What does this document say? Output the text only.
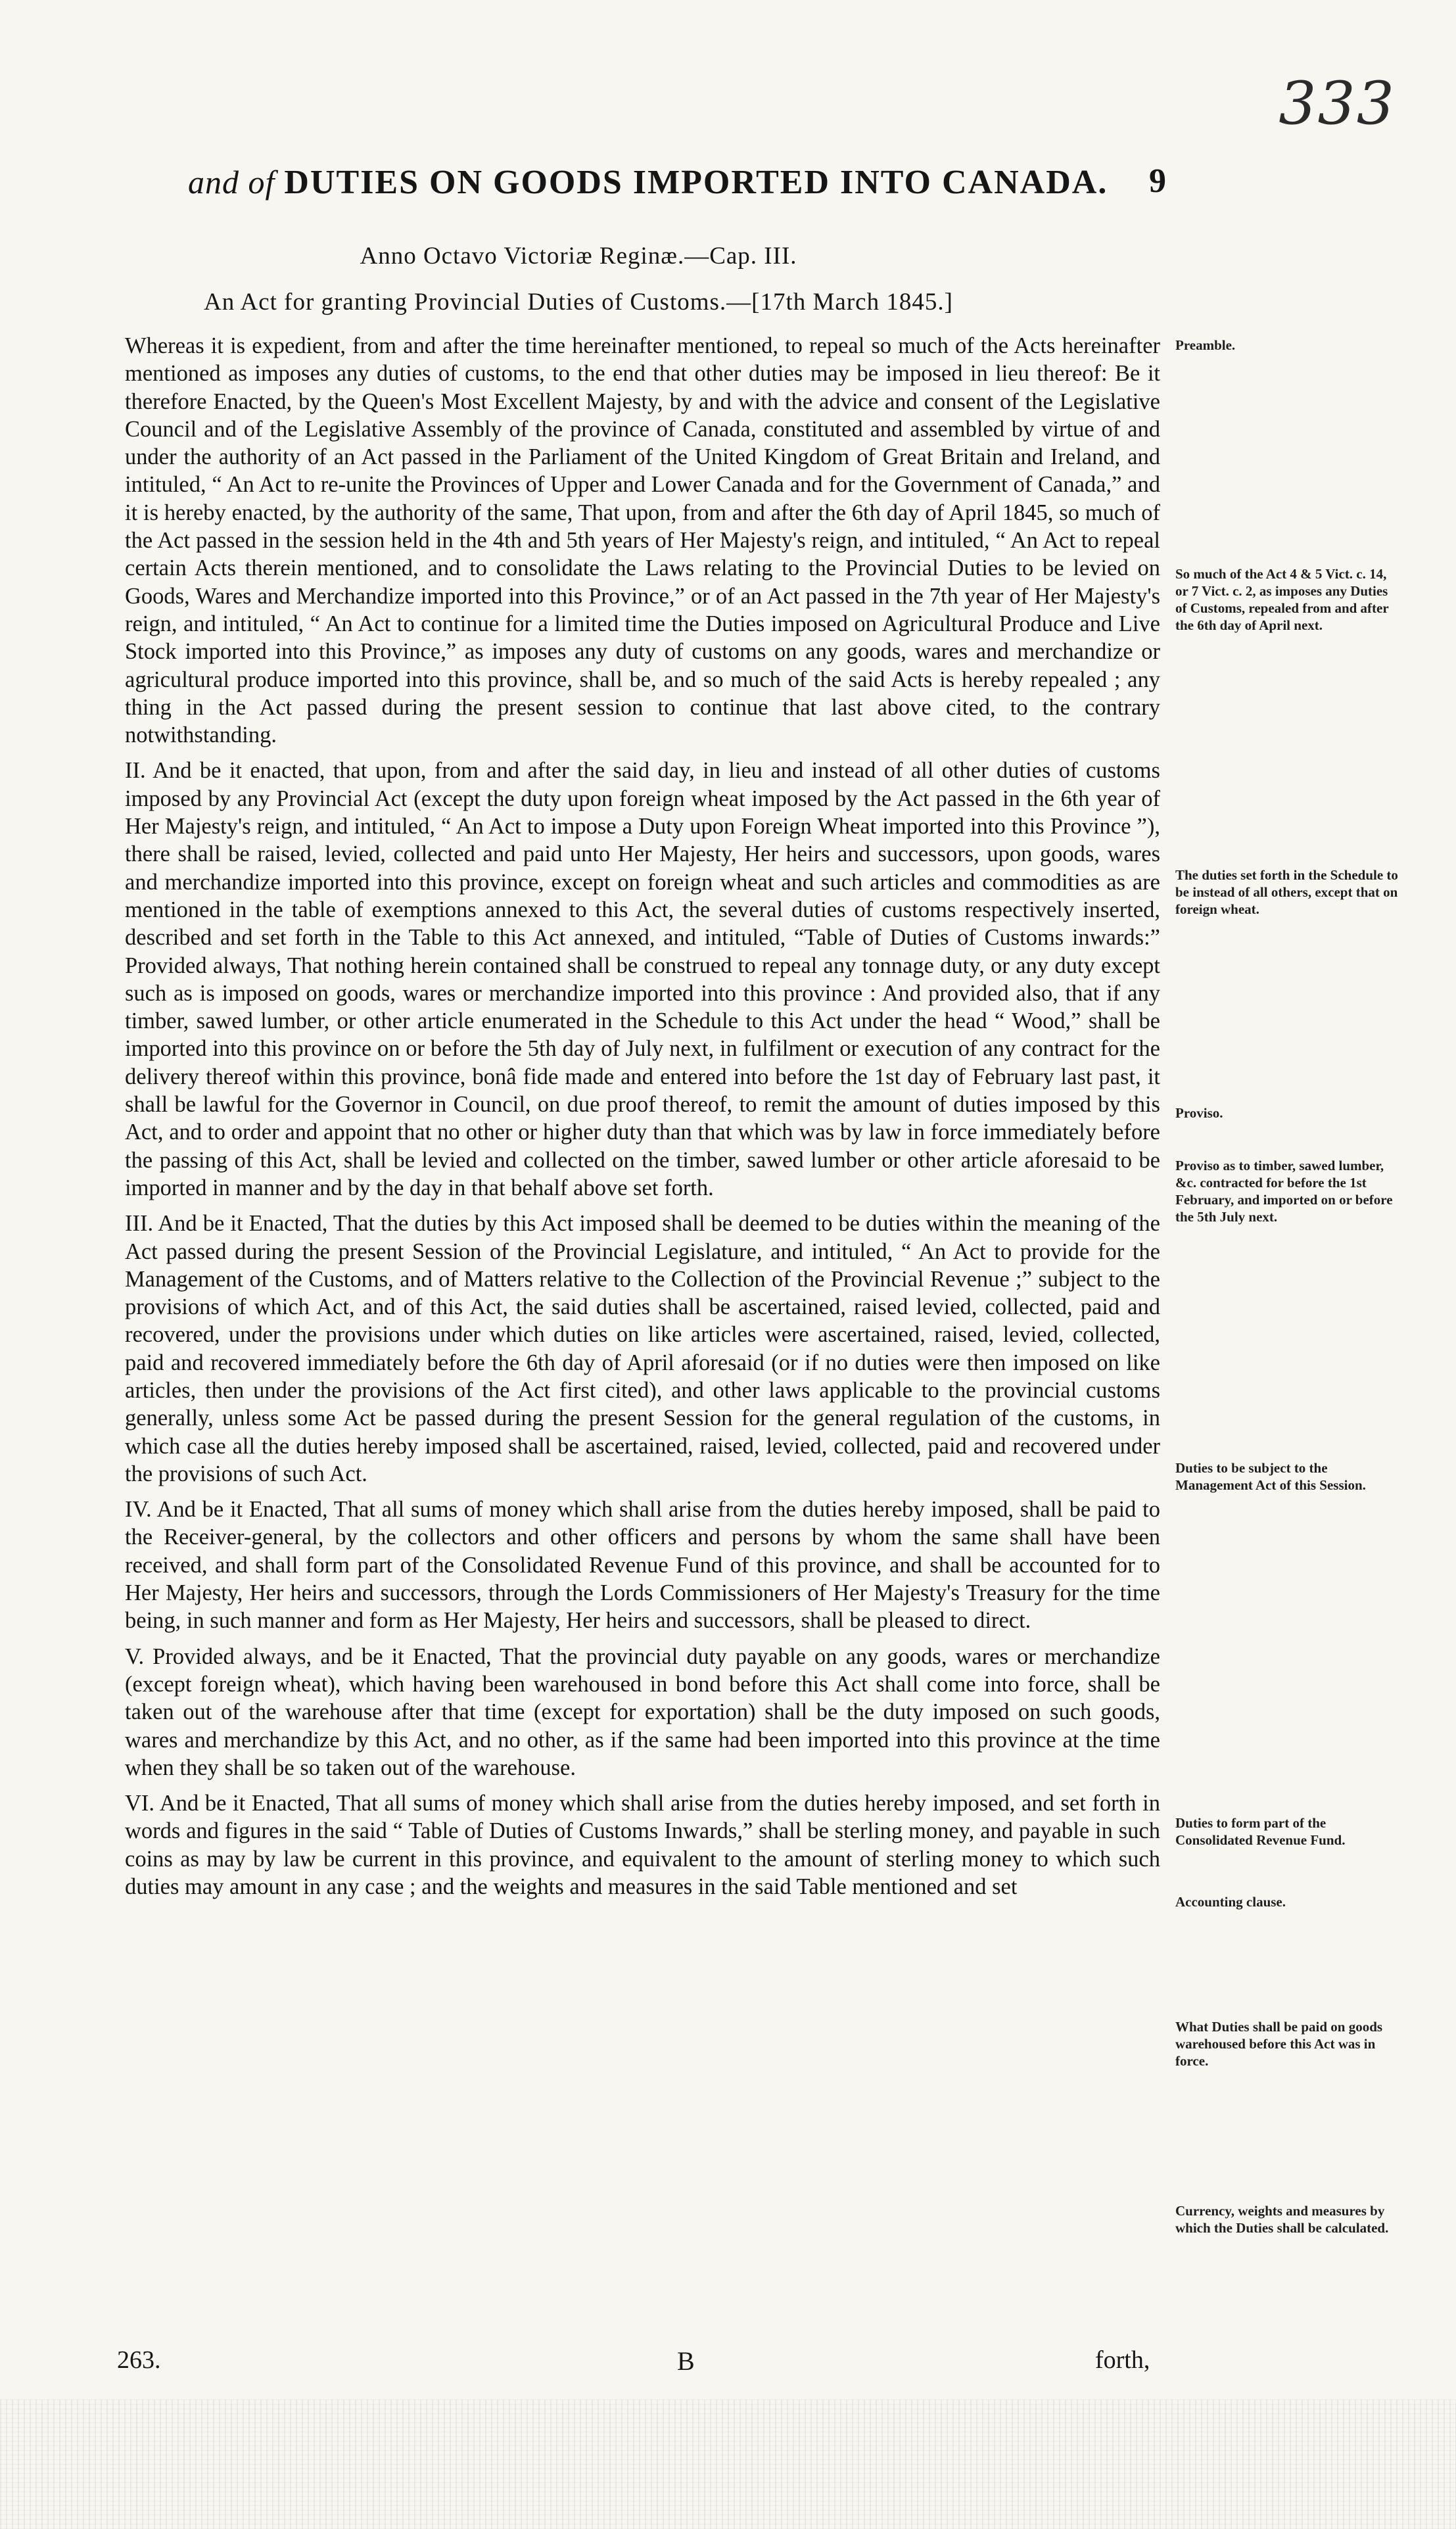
333
and of DUTIES ON GOODS IMPORTED INTO CANADA.	9
Anno Octavo Victoriæ Reginæ.—Cap. III.
An Act for granting Provincial Duties of Customs.—[17th March 1845.]

Whereas it is expedient, from and after the time hereinafter mentioned, to repeal so much of the Acts hereinafter mentioned as imposes any duties of customs, to the end that other duties may be imposed in lieu thereof: Be it therefore Enacted, by the Queen's Most Excellent Majesty, by and with the advice and consent of the Legislative Council and of the Legislative Assembly of the province of Canada, constituted and assembled by virtue of and under the authority of an Act passed in the Parliament of the United Kingdom of Great Britain and Ireland, and intituled, “ An Act to re-unite the Provinces of Upper and Lower Canada and for the Government of Canada,” and it is hereby enacted, by the authority of the same, That upon, from and after the 6th day of April 1845, so much of the Act passed in the session held in the 4th and 5th years of Her Majesty's reign, and intituled, “ An Act to repeal certain Acts therein mentioned, and to consolidate the Laws relating to the Provincial Duties to be levied on Goods, Wares and Merchandize imported into this Province,” or of an Act passed in the 7th year of Her Majesty's reign, and intituled, “ An Act to continue for a limited time the Duties imposed on Agricultural Produce and Live Stock imported into this Province,” as imposes any duty of customs on any goods, wares and merchandize or agricultural produce imported into this province, shall be, and so much of the said Acts is hereby repealed ; any thing in the Act passed during the present session to continue that last above cited, to the contrary notwithstanding.

II. And be it enacted, that upon, from and after the said day, in lieu and instead of all other duties of customs imposed by any Provincial Act (except the duty upon foreign wheat imposed by the Act passed in the 6th year of Her Majesty's reign, and intituled, “ An Act to impose a Duty upon Foreign Wheat imported into this Province ”), there shall be raised, levied, collected and paid unto Her Majesty, Her heirs and successors, upon goods, wares and merchandize imported into this province, except on foreign wheat and such articles and commodities as are mentioned in the table of exemptions annexed to this Act, the several duties of customs respectively inserted, described and set forth in the Table to this Act annexed, and intituled, “Table of Duties of Customs inwards:” Provided always, That nothing herein contained shall be construed to repeal any tonnage duty, or any duty except such as is imposed on goods, wares or merchandize imported into this province : And provided also, that if any timber, sawed lumber, or other article enumerated in the Schedule to this Act under the head “ Wood,” shall be imported into this province on or before the 5th day of July next, in fulfilment or execution of any contract for the delivery thereof within this province, bonâ fide made and entered into before the 1st day of February last past, it shall be lawful for the Governor in Council, on due proof thereof, to remit the amount of duties imposed by this Act, and to order and appoint that no other or higher duty than that which was by law in force immediately before the passing of this Act, shall be levied and collected on the timber, sawed lumber or other article aforesaid to be imported in manner and by the day in that behalf above set forth.

III. And be it Enacted, That the duties by this Act imposed shall be deemed to be duties within the meaning of the Act passed during the present Session of the Provincial Legislature, and intituled, “ An Act to provide for the Management of the Customs, and of Matters relative to the Collection of the Provincial Revenue ;” subject to the provisions of which Act, and of this Act, the said duties shall be ascertained, raised levied, collected, paid and recovered, under the provisions under which duties on like articles were ascertained, raised, levied, collected, paid and recovered immediately before the 6th day of April aforesaid (or if no duties were then imposed on like articles, then under the provisions of the Act first cited), and other laws applicable to the provincial customs generally, unless some Act be passed during the present Session for the general regulation of the customs, in which case all the duties hereby imposed shall be ascertained, raised, levied, collected, paid and recovered under the provisions of such Act.

IV. And be it Enacted, That all sums of money which shall arise from the duties hereby imposed, shall be paid to the Receiver-general, by the collectors and other officers and persons by whom the same shall have been received, and shall form part of the Consolidated Revenue Fund of this province, and shall be accounted for to Her Majesty, Her heirs and successors, through the Lords Commissioners of Her Majesty's Treasury for the time being, in such manner and form as Her Majesty, Her heirs and successors, shall be pleased to direct.

V. Provided always, and be it Enacted, That the provincial duty payable on any goods, wares or merchandize (except foreign wheat), which having been warehoused in bond before this Act shall come into force, shall be taken out of the warehouse after that time (except for exportation) shall be the duty imposed on such goods, wares and merchandize by this Act, and no other, as if the same had been imported into this province at the time when they shall be so taken out of the warehouse.

VI. And be it Enacted, That all sums of money which shall arise from the duties hereby imposed, and set forth in words and figures in the said “ Table of Duties of Customs Inwards,” shall be sterling money, and payable in such coins as may by law be current in this province, and equivalent to the amount of sterling money to which such duties may amount in any case ; and the weights and measures in the said Table mentioned and set

Preamble.
So much of the Act 4 & 5 Vict. c. 14, or 7 Vict. c. 2, as imposes any Duties of Customs, repealed from and after the 6th day of April next.
The duties set forth in the Schedule to be instead of all others, except that on foreign wheat.
Proviso.
Proviso as to timber, sawed lumber, &c. contracted for before the 1st February, and imported on or before the 5th July next.
Duties to be subject to the Management Act of this Session.
Duties to form part of the Consolidated Revenue Fund.
Accounting clause.
What Duties shall be paid on goods warehoused before this Act was in force.
Currency, weights and measures by which the Duties shall be calculated.
263.	B	forth,
